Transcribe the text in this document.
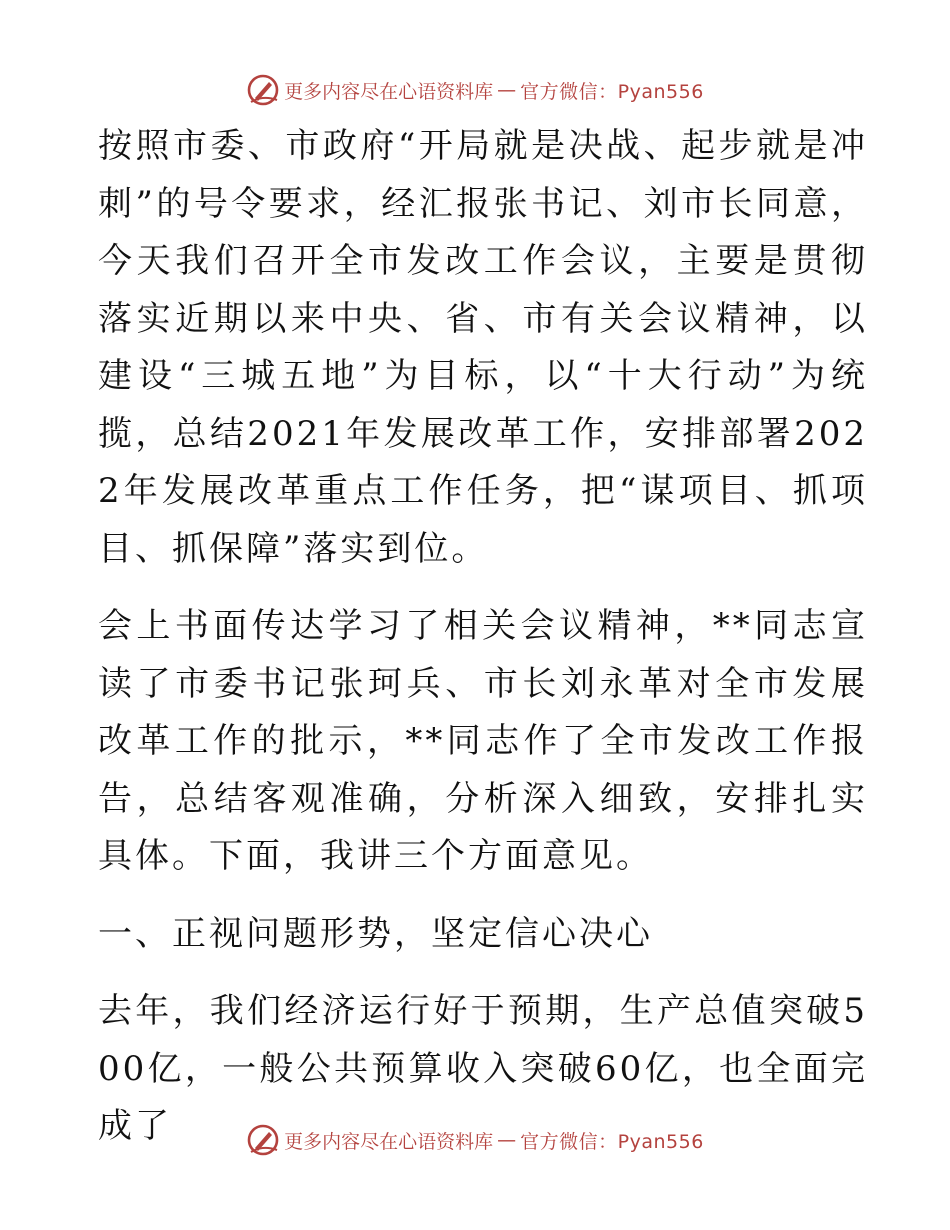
更多内容尽在心语资料库 — 官方微信：Pyan556

按照市委、市政府“开局就是决战、起步就是冲刺”的号令要求，经汇报张书记、刘市长同意，今天我们召开全市发改工作会议，主要是贯彻落实近期以来中央、省、市有关会议精神，以建设“三城五地”为目标，以“十大行动”为统揽，总结2021年发展改革工作，安排部署2022年发展改革重点工作任务，把“谋项目、抓项目、抓保障”落实到位。

会上书面传达学习了相关会议精神，**同志宣读了市委书记张珂兵、市长刘永革对全市发展改革工作的批示，**同志作了全市发改工作报告，总结客观准确，分析深入细致，安排扎实具体。下面，我讲三个方面意见。

一、正视问题形势，坚定信心决心

去年，我们经济运行好于预期，生产总值突破500亿，一般公共预算收入突破60亿，也全面完成了	更多内容尽在心语资料库 — 官方微信：Pyan556
